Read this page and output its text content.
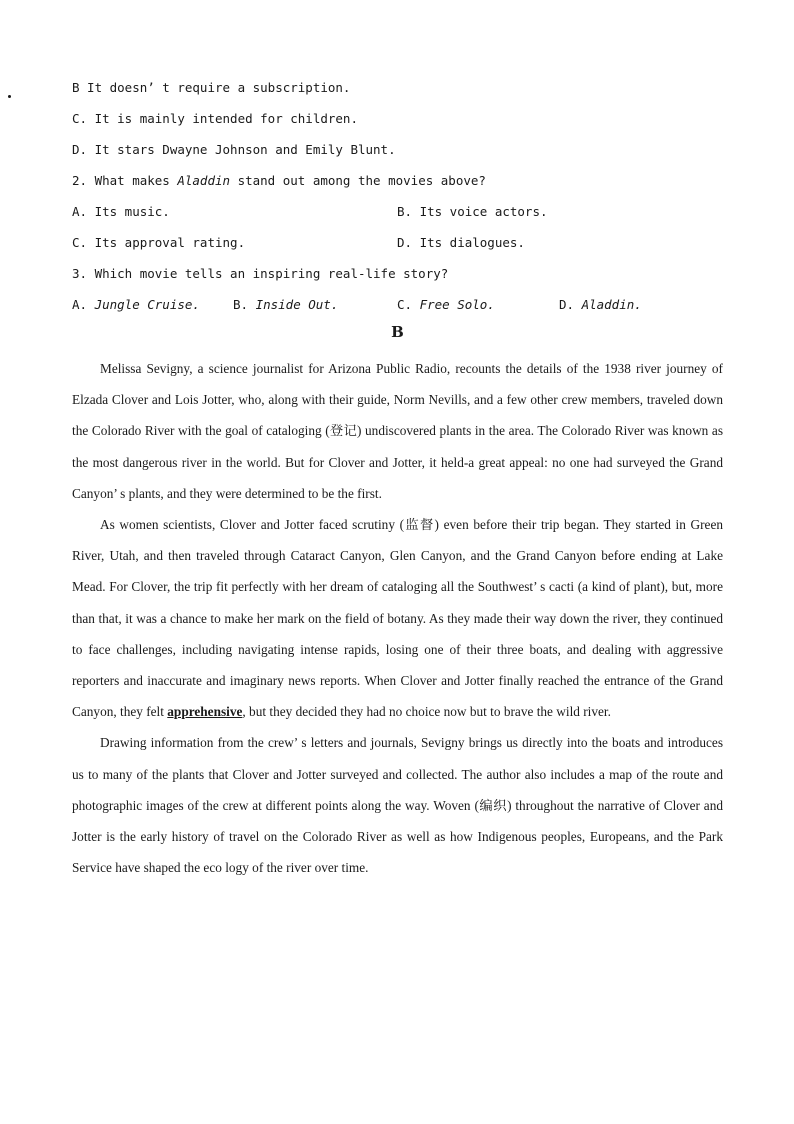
B It doesn’ t require a subscription.
C. It is mainly intended for children.
D. It stars Dwayne Johnson and Emily Blunt.
2. What makes Aladdin stand out among the movies above?
A. Its music.	B. Its voice actors.
C. Its approval rating.	D. Its dialogues.
3. Which movie tells an inspiring real-life story?
A. Jungle Cruise.	B. Inside Out.	C. Free Solo.	D. Aladdin.
B

Melissa Sevigny, a science journalist for Arizona Public Radio, recounts the details of the 1938 river journey of Elzada Clover and Lois Jotter, who, along with their guide, Norm Nevills, and a few other crew members, traveled down the Colorado River with the goal of cataloging (登记) undiscovered plants in the area. The Colorado River was known as the most dangerous river in the world. But for Clover and Jotter, it held-a great appeal: no one had surveyed the Grand Canyon’ s plants, and they were determined to be the first.

As women scientists, Clover and Jotter faced scrutiny (监督) even before their trip began. They started in Green River, Utah, and then traveled through Cataract Canyon, Glen Canyon, and the Grand Canyon before ending at Lake Mead. For Clover, the trip fit perfectly with her dream of cataloging all the Southwest’ s cacti (a kind of plant), but, more than that, it was a chance to make her mark on the field of botany. As they made their way down the river, they continued to face challenges, including navigating intense rapids, losing one of their three boats, and dealing with aggressive reporters and inaccurate and imaginary news reports. When Clover and Jotter finally reached the entrance of the Grand Canyon, they felt apprehensive, but they decided they had no choice now but to brave the wild river.

Drawing information from the crew’ s letters and journals, Sevigny brings us directly into the boats and introduces us to many of the plants that Clover and Jotter surveyed and collected. The author also includes a map of the route and photographic images of the crew at different points along the way. Woven (编织) throughout the narrative of Clover and Jotter is the early history of travel on the Colorado River as well as how Indigenous peoples, Europeans, and the Park Service have shaped the eco logy of the river over time.
